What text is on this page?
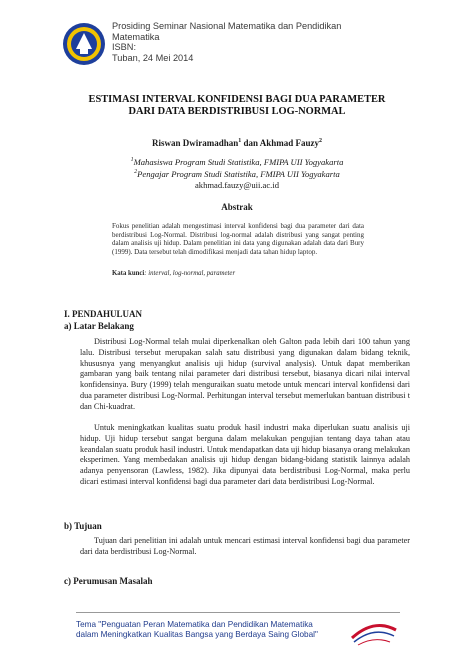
Prosiding Seminar Nasional Matematika dan Pendidikan
Matematika
ISBN:
Tuban, 24 Mei 2014
ESTIMASI INTERVAL KONFIDENSI BAGI DUA PARAMETER
DARI DATA BERDISTRIBUSI LOG-NORMAL
Riswan Dwiramadhan$^1$ dan Akhmad Fauzy$^2$
$^1$Mahasiswa Program Studi Statistika, FMIPA UII Yogyakarta
$^2$Pengajar Program Studi Statistika, FMIPA UII Yogyakarta
akhmad.fauzy@uii.ac.id
Abstrak
Fokus penelitian adalah mengestimasi interval konfidensi bagi dua parameter dari data berdistribusi Log-Normal. Distribusi log-normal adalah distribusi yang sangat penting dalam analisis uji hidup. Dalam penelitian ini data yang digunakan adalah data dari Bury (1999). Data tersebut telah dimodifikasi menjadi data tahan hidup laptop.
Kata kunci: interval, log-normal, parameter
I. PENDAHULUAN
a) Latar Belakang
Distribusi Log-Normal telah mulai diperkenalkan oleh Galton pada lebih dari 100 tahun yang lalu. Distribusi tersebut merupakan salah satu distribusi yang digunakan dalam bidang teknik, khususnya yang menyangkut analisis uji hidup (survival analysis). Untuk dapat memberikan gambaran yang baik tentang nilai parameter dari distribusi tersebut, biasanya dicari nilai interval konfidensinya. Bury (1999) telah menguraikan suatu metode untuk mencari interval konfidensi dari dua parameter distribusi Log-Normal. Perhitungan interval tersebut memerlukan bantuan distribusi t dan Chi-kuadrat.
Untuk meningkatkan kualitas suatu produk hasil industri maka diperlukan suatu analisis uji hidup. Uji hidup tersebut sangat berguna dalam melakukan pengujian tentang daya tahan atau keandalan suatu produk hasil industri. Untuk mendapatkan data uji hidup biasanya orang melakukan eksperimen. Yang membedakan analisis uji hidup dengan bidang-bidang statistik lainnya adalah adanya penyensoran (Lawless, 1982). Jika dipunyai data berdistribusi Log-Normal, maka perlu dicari estimasi interval konfidensi bagi dua parameter dari data berdistribusi Log-Normal.
b) Tujuan
Tujuan dari penelitian ini adalah untuk mencari estimasi interval konfidensi bagi dua parameter dari data berdistribusi Log-Normal.
c) Perumusan Masalah
Tema "Penguatan Peran Matematika dan Pendidikan Matematika
dalam Meningkatkan Kualitas Bangsa yang Berdaya Saing Global"
